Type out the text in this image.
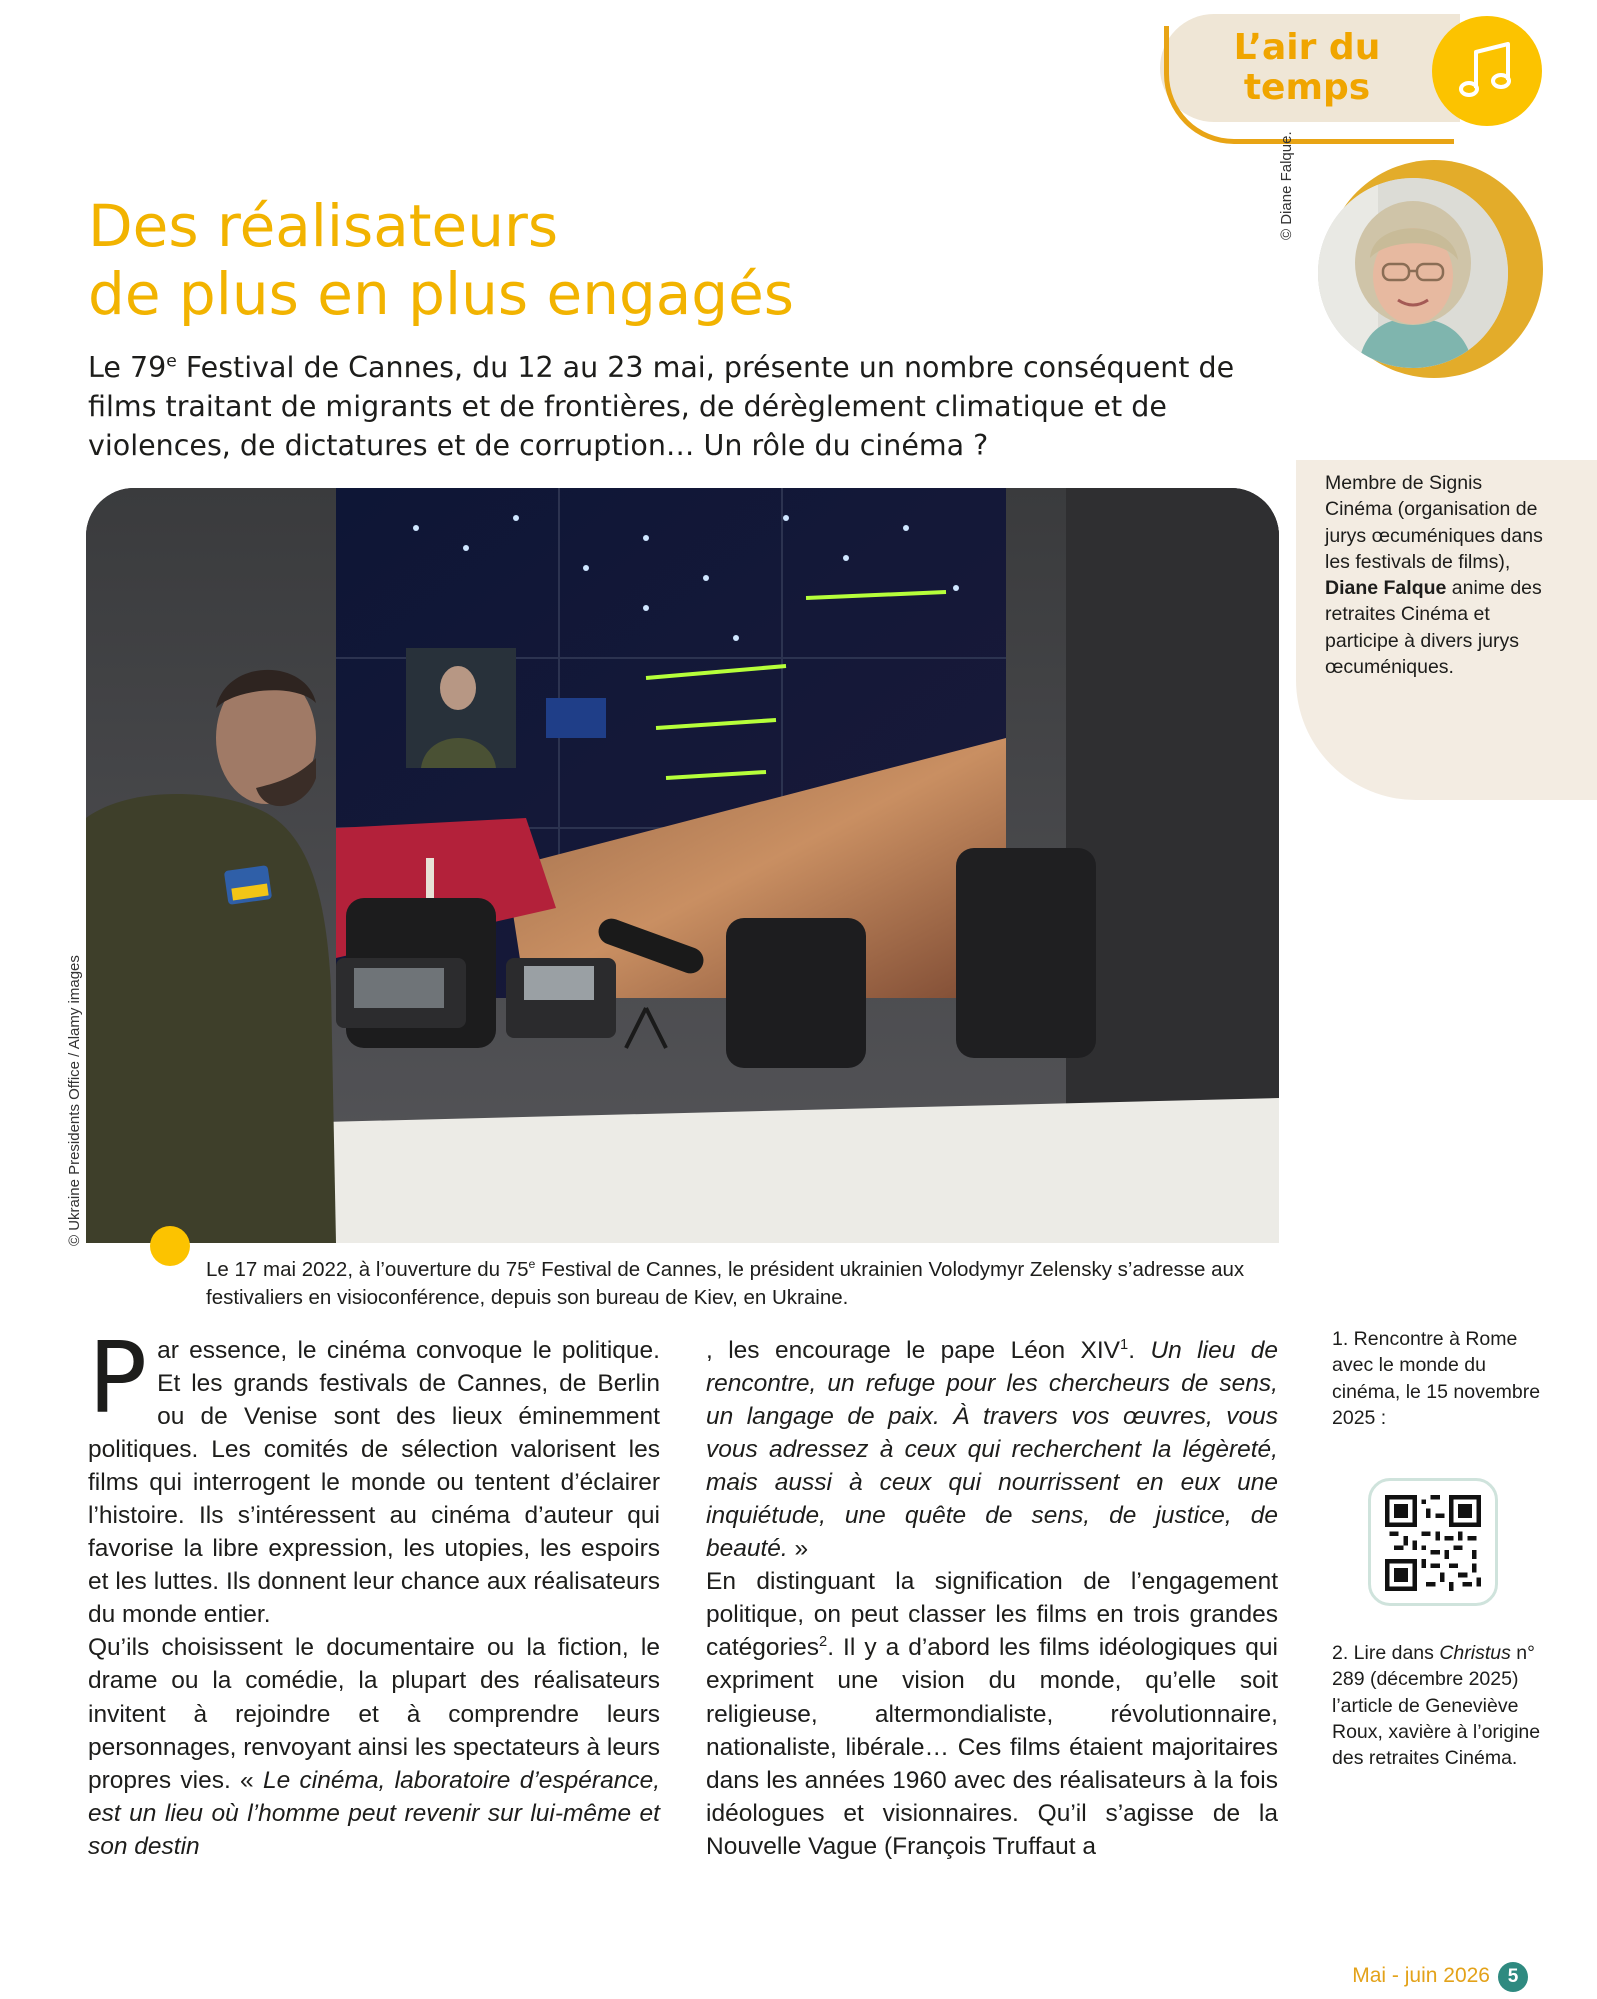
L’air du
temps
Des réalisateurs
de plus en plus engagés

Le 79e Festival de Cannes, du 12 au 23 mai, présente un nombre conséquent de films traitant de migrants et de frontières, de dérèglement climatique et de violences, de dictatures et de corruption… Un rôle du cinéma ?

© Diane Falque.

Membre de Signis Cinéma (organisation de jurys œcuméniques dans les festivals de films), Diane Falque anime des retraites Cinéma et participe à divers jurys œcuméniques.

© Ukraine Presidents Office / Alamy images

Le 17 mai 2022, à l’ouverture du 75e Festival de Cannes, le président ukrainien Volodymyr Zelensky s’adresse aux festivaliers en visioconférence, depuis son bureau de Kiev, en Ukraine.

Par essence, le cinéma convoque le politique. Et les grands festivals de Cannes, de Berlin ou de Venise sont des lieux éminemment politiques. Les comités de sélection valorisent les films qui interrogent le monde ou tentent d’éclairer l’histoire. Ils s’intéressent au cinéma d’auteur qui favorise la libre expression, les utopies, les espoirs et les luttes. Ils donnent leur chance aux réalisateurs du monde entier.

Qu’ils choisissent le documentaire ou la fiction, le drame ou la comédie, la plupart des réalisateurs invitent à rejoindre et à comprendre leurs personnages, renvoyant ainsi les spectateurs à leurs propres vies. « Le cinéma, laboratoire d’espérance, est un lieu où l’homme peut revenir sur lui-même et son destin

, les encourage le pape Léon XIV$^1$. Un lieu de rencontre, un refuge pour les chercheurs de sens, un langage de paix. À travers vos œuvres, vous vous adressez à ceux qui recherchent la légèreté, mais aussi à ceux qui nourrissent en eux une inquiétude, une quête de sens, de justice, de beauté. »

En distinguant la signification de l’engagement politique, on peut classer les films en trois grandes catégories$^2$. Il y a d’abord les films idéologiques qui expriment une vision du monde, qu’elle soit religieuse, altermondialiste, révolutionnaire, nationaliste, libérale… Ces films étaient majoritaires dans les années 1960 avec des réalisateurs à la fois idéologues et visionnaires. Qu’il s’agisse de la Nouvelle Vague (François Truffaut a

1. Rencontre à Rome avec le monde du cinéma, le 15 novembre 2025 :

2. Lire dans Christus n° 289 (décembre 2025) l’article de Geneviève Roux, xavière à l’origine des retraites Cinéma.

Mai - juin 2026 5
